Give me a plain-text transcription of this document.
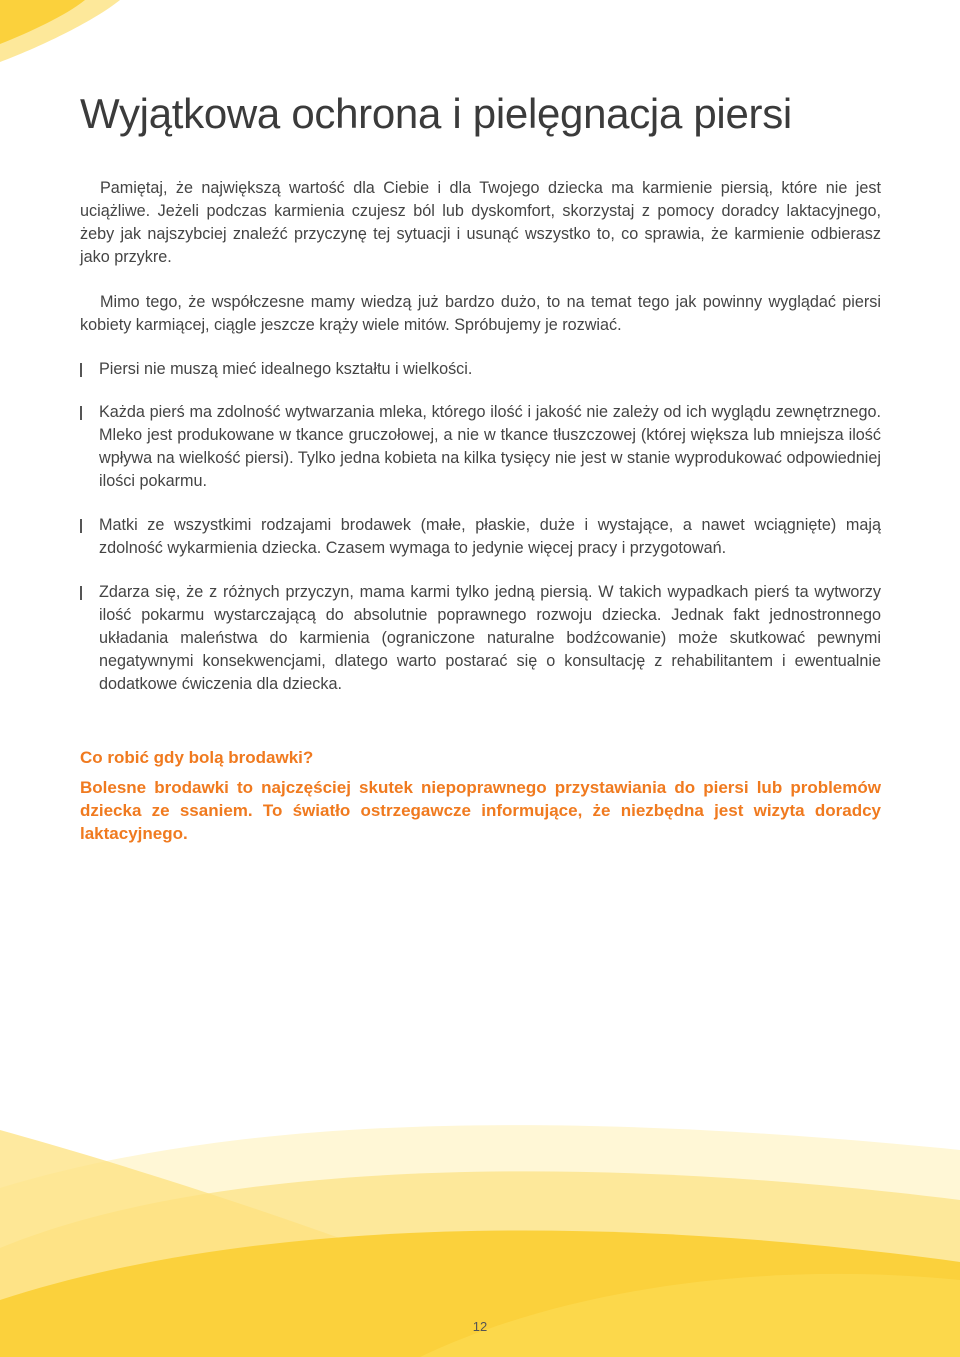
Wyjątkowa ochrona i pielęgnacja piersi

Pamiętaj, że największą wartość dla Ciebie i dla Twojego dziecka ma karmienie piersią, które nie jest uciążliwe. Jeżeli podczas karmienia czujesz ból lub dyskomfort, skorzystaj z pomocy doradcy laktacyjnego, żeby jak najszybciej znaleźć przyczynę tej sytuacji i usunąć wszystko to, co sprawia, że karmienie odbierasz jako przykre.

Mimo tego, że współczesne mamy wiedzą już bardzo dużo, to na temat tego jak powinny wyglądać piersi kobiety karmiącej, ciągle jeszcze krąży wiele mitów. Spróbujemy je rozwiać.

Piersi nie muszą mieć idealnego kształtu i wielkości.

Każda pierś ma zdolność wytwarzania mleka, którego ilość i jakość nie zależy od ich wyglądu zewnętrznego. Mleko jest produkowane w tkance gruczołowej, a nie w tkance tłuszczowej (której większa lub mniejsza ilość wpływa na wielkość piersi). Tylko jedna kobieta na kilka tysięcy nie jest w stanie wyprodukować odpowiedniej ilości pokarmu.

Matki ze wszystkimi rodzajami brodawek (małe, płaskie, duże i wystające, a nawet wciągnięte) mają zdolność wykarmienia dziecka. Czasem wymaga to jedynie więcej pracy i przygotowań.

Zdarza się, że z różnych przyczyn, mama karmi tylko jedną piersią. W takich wypadkach pierś ta wytworzy ilość pokarmu wystarczającą do absolutnie poprawnego rozwoju dziecka. Jednak fakt jednostronnego układania maleństwa do karmienia (ograniczone naturalne bodźcowanie) może skutkować pewnymi negatywnymi konsekwencjami, dlatego warto postarać się o konsultację z rehabilitantem i ewentualnie dodatkowe ćwiczenia dla dziecka.

Co robić gdy bolą brodawki?

Bolesne brodawki to najczęściej skutek niepoprawnego przystawiania do piersi lub problemów dziecka ze ssaniem. To światło ostrzegawcze informujące, że niezbędna jest wizyta doradcy laktacyjnego.

12
